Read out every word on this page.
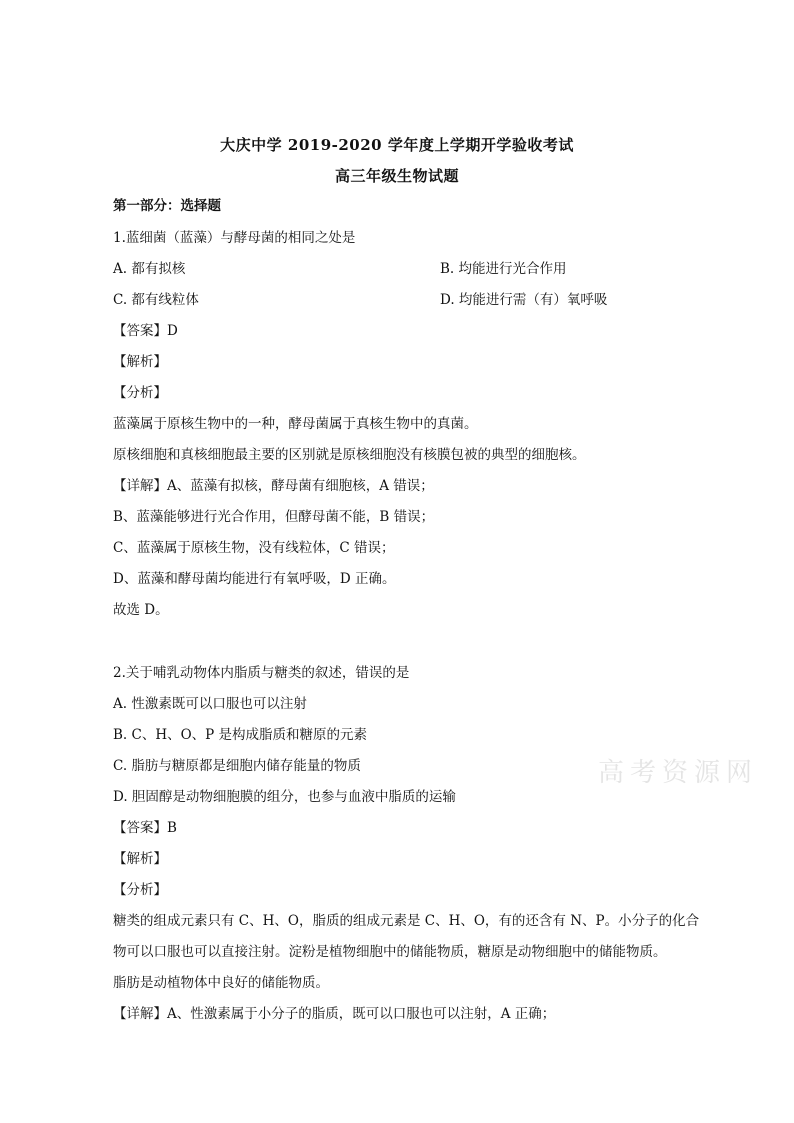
大庆中学 2019-2020 学年度上学期开学验收考试
高三年级生物试题
第一部分：选择题
1.蓝细菌（蓝藻）与酵母菌的相同之处是
A. 都有拟核	B. 均能进行光合作用
C. 都有线粒体	D. 均能进行需（有）氧呼吸
【答案】D
【解析】
【分析】
蓝藻属于原核生物中的一种，酵母菌属于真核生物中的真菌。
原核细胞和真核细胞最主要的区别就是原核细胞没有核膜包被的典型的细胞核。
【详解】A、蓝藻有拟核，酵母菌有细胞核，A 错误；
B、蓝藻能够进行光合作用，但酵母菌不能，B 错误；
C、蓝藻属于原核生物，没有线粒体，C 错误；
D、蓝藻和酵母菌均能进行有氧呼吸，D 正确。
故选 D。
2.关于哺乳动物体内脂质与糖类的叙述，错误的是
A. 性激素既可以口服也可以注射
B. C、H、O、P 是构成脂质和糖原的元素
C. 脂肪与糖原都是细胞内储存能量的物质
D. 胆固醇是动物细胞膜的组分，也参与血液中脂质的运输
【答案】B
【解析】
【分析】
糖类的组成元素只有 C、H、O，脂质的组成元素是 C、H、O，有的还含有 N、P。小分子的化合
物可以口服也可以直接注射。淀粉是植物细胞中的储能物质，糖原是动物细胞中的储能物质。
脂肪是动植物体中良好的储能物质。
【详解】A、性激素属于小分子的脂质，既可以口服也可以注射，A 正确；
高考资源网
